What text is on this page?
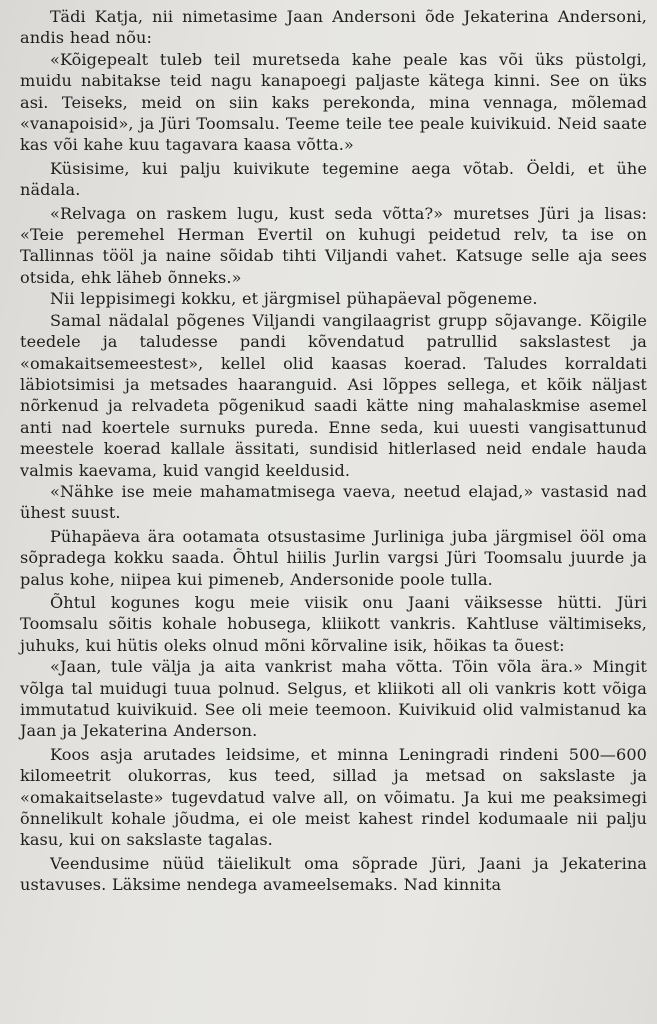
Tädi Katja, nii nimetasime Jaan Andersoni õde Jekaterina Andersoni, andis head nõu:

«Kõigepealt tuleb teil muretseda kahe peale kas või üks püstolgi, muidu nabitakse teid nagu kanapoegi paljaste kätega kinni. See on üks asi. Teiseks, meid on siin kaks perekonda, mina vennaga, mõlemad «vanapoisid», ja Jüri Toomsalu. Teeme teile tee peale kuivikuid. Neid saate kas või kahe kuu tagavara kaasa võtta.»

Küsisime, kui palju kuivikute tegemine aega võtab. Öeldi, et ühe nädala.

«Relvaga on raskem lugu, kust seda võtta?» muretses Jüri ja lisas: «Teie peremehel Herman Evertil on kuhugi peidetud relv, ta ise on Tallinnas tööl ja naine sõidab tihti Viljandi vahet. Katsuge selle aja sees otsida, ehk läheb õnneks.»

Nii leppisimegi kokku, et järgmisel pühapäeval põgeneme.

Samal nädalal põgenes Viljandi vangilaagrist grupp sõjavange. Kõigile teedele ja taludesse pandi kõvendatud patrullid sakslastest ja «omakaitsemeestest», kellel olid kaasas koerad. Taludes korraldati läbiotsimisi ja metsades haaranguid. Asi lõppes sellega, et kõik näljast nõrkenud ja relvadeta põgenikud saadi kätte ning mahalaskmise asemel anti nad koertele surnuks pureda. Enne seda, kui uuesti vangisattunud meestele koerad kallale ässitati, sundisid hitlerlased neid endale hauda valmis kaevama, kuid vangid keeldusid.

«Nähke ise meie mahamatmisega vaeva, neetud elajad,» vastasid nad ühest suust.

Pühapäeva ära ootamata otsustasime Jurliniga juba järgmisel ööl oma sõpradega kokku saada. Õhtul hiilis Jurlin vargsi Jüri Toomsalu juurde ja palus kohe, niipea kui pimeneb, Andersonide poole tulla.

Õhtul kogunes kogu meie viisik onu Jaani väiksesse hütti. Jüri Toomsalu sõitis kohale hobusega, kliikott vankris. Kahtluse vältimiseks, juhuks, kui hütis oleks olnud mõni kõrvaline isik, hõikas ta õuest:

«Jaan, tule välja ja aita vankrist maha võtta. Tõin võla ära.» Mingit võlga tal muidugi tuua polnud. Selgus, et kliikoti all oli vankris kott võiga immutatud kuivikuid. See oli meie teemoon. Kuivikuid olid valmistanud ka Jaan ja Jekaterina Anderson.

Koos asja arutades leidsime, et minna Leningradi rindeni 500—600 kilomeetrit olukorras, kus teed, sillad ja metsad on sakslaste ja «omakaitselaste» tugevdatud valve all, on võimatu. Ja kui me peaksimegi õnnelikult kohale jõudma, ei ole meist kahest rindel kodumaale nii palju kasu, kui on sakslaste tagalas.

Veendusime nüüd täielikult oma sõprade Jüri, Jaani ja Jekaterina ustavuses. Läksime nendega avameelsemaks. Nad kinnita
